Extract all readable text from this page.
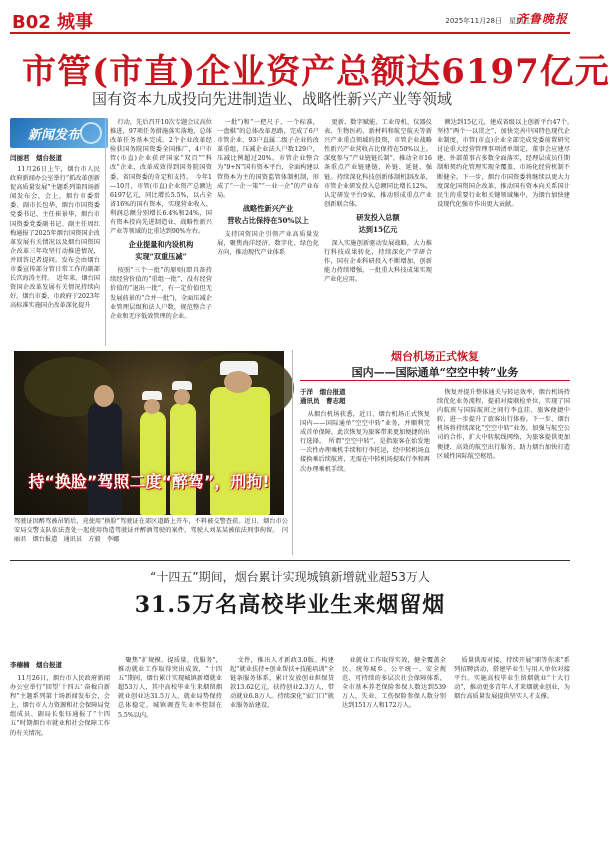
B02 城事	2025年11月28日　星期五
齐鲁晚报
市管(市直)企业资产总额达6197亿元
国有资本九成投向先进制造业、战略性新兴产业等领域
新闻发布
闫丽君　烟台报道

11月26日上午，烟台市人民政府新闻办公室举行“抓改革创新 促高质量发展”主题系列第四场新闻发布会，会上，烟台市委常委、副市长包华，烟台市国资委党委书记、主任崔景华，烟台市国资委党委副书记、副主任周红梅通报了2025年烟台国资国企改革发展有关情况以及烟台国资国企改革三年攻坚行动推进情况，并回答记者提问。发布会由烟台市委宣传部分管日常工作的副部长宫海涛主持。　近年来，烟台国资国企改革发展有关情况持续向好，烟台市委、市政府于2023年高标准实施国企改革深化提升

行动，先后召开10次专题会议高位推进，97项任务措施落实落地，总体改革任务基本完成。2个企业改革经验获国务院国资委全国推广，4户市管(市直)企业获评国家“双百”“科改”企业，改革成效得到国务院国资委、省国资委的肯定和支持。　今年1—10月，市管(市直)企业资产总额达6197亿元，同比增长5.5%，以占全省16%的国有资本，实现营业收入、利润总额分别增长6.4%和24%，国有资本投向先进制造业、战略性新兴产业等领域的比重达到90%左右。

企业提量和内设机构
实现“双重压减”

按照“三个一批”的原则(即具备持续经营价值的“重组一批”，没有经营价值的“退出一批”，有一定价值但无发展前景的“合并一批”)，全面压减企业管理层级和法人户数，规范整合子企业和无序低效管理的企业。

一批”)和“一把尺子、一个标准，一盘棋”的总体改革思路，完成了6户市管企业、93户直属二级子企业的改革重组，压减企业法人户数129户，压减比例超过20%。市管企业整合为“9+N”国有资本平台，全面构建以管资本为主的国资监管体制机制，形成了“一企一策”“一业一企”的产业布局。

战略性新兴产业
营收占比保持在50%以上

支持国资国企引领产业高质量发展，聚焦海洋经济、数字化、绿色化方向，推动现代产业体系

更新、数字赋能、工业母机、仪器仪表、生物医药、新材料和航空航天等新兴产业重点领域的投资，市管企业战略性新兴产业营收占比保持在50%以上。深度参与“产业链链长制”，推动全市16条重点产业链建链、补链、延链、强链。持续深化科技创新体制机制改革，市管企业研发投入总额同比增长12%，认定研发平台9家，推动形成重点产业创新联合体。

研发投入总额
达到15亿元

深入实施创新驱动发展战略，大力推行科技成果转化，持续深化产学研合作，国有企业科研投入不断增加，创新能力持续增强，一批重大科技成果实现产业化应用。

额达到15亿元，建成省级以上创新平台47个。　坚持“两个一以贯之”，加快完善中国特色现代企业制度，市管(市直)企业全部完成党委前置研究讨论重大经营管理事项清单制定，董事会应建尽建、外部董事占多数全面落实，经理层成员任期制和契约化管理实现全覆盖，市场化经营机制不断健全。下一步，烟台市国资委将继续以更大力度深化国资国企改革，推动国有资本向关系国计民生的重要行业和关键领域集中，为烟台加快建设现代化强市作出更大贡献。

持“换脸”驾照二度“醉驾”，刑拘!
驾驶证因醉驾被吊销后，竟使用“换脸”驾驶证在郊区道路上开车，不料被交警查获。近日，烟台市公安局交警支队依法查处一起使用伪造驾驶证并醉酒驾驶的案件，驾驶人刘某某被依法刑事拘留。　闫丽君　烟台报道　通讯员　方毅　李娜
烟台机场正式恢复
国内——国际通单“空空中转”业务
于洋　烟台报道
通讯员　曹志超

从烟台机场获悉，近日，烟台机场正式恢复国内——国际通单“空空中转”业务，并顺利完成首单保障，此次恢复为旅客带来更加便捷的出行选择。　所谓“空空中转”，是指旅客在始发地一次性办理乘机手续和行李托运，经中转机场直接换乘后续航班，无需在中转机场提取行李和再次办理乘机手续。

恢复并提升整体通关与转运效率，烟台机场持续优化业务流程，提前对接联检单位，实现了国内航班与国际航班之间行李直挂、旅客便捷中转，进一步提升了旅客出行体验。下一步，烟台机场将持续深化“空空中转”业务，加强与航空公司的合作，扩大中转航线网络，为旅客提供更加便捷、高效的航空出行服务，助力烟台加快打造区域性国际航空枢纽。

“十四五”期间，烟台累计实现城镇新增就业超53万人
31.5万名高校毕业生来烟留烟
李楠楠　烟台报道

11月26日，烟台市人民政府新闻办公室举行“回望‘十四五’ 奋楫自新程”主题系列第十场新闻发布会，会上，烟台市人力资源和社会保障局党组成员、副局长张钰通报了“十四五”时期烟台市就业和社会保障工作的有关情况。

聚焦“扩规模、提质量、优服务”，推动就业工作取得突出成效，“十四五”期间，烟台累计实现城镇新增就业超53万人，其中高校毕业生来烟留烟就业创业达31.5万人，就业局势保持总体稳定，城镇调查失业率控制在5.5%以内。

文件，推出人才新政3.0版。构建起“就业扶持+创业帮扶+技能培训”全链条服务体系，累计发放创业担保贷款13.62亿元，扶持创业2.3万人，带动就业6.8万人。持续深化“家门口”就业服务站建设。

业就业工作取得实效，健全覆盖全民、统筹城乡、公平统一、安全规范、可持续的多层次社会保障体系，全市基本养老保险参保人数达到539万人，失业、工伤保险参保人数分别达到151万人和172万人。

质量供需对接，持续开展“职等你来”系列招聘活动，搭建毕业生与用人单位对接平台。实施高校毕业生留烟就业“十大行动”，推动更多青年人才来烟就业创业，为烟台高质量发展提供坚实人才支撑。
